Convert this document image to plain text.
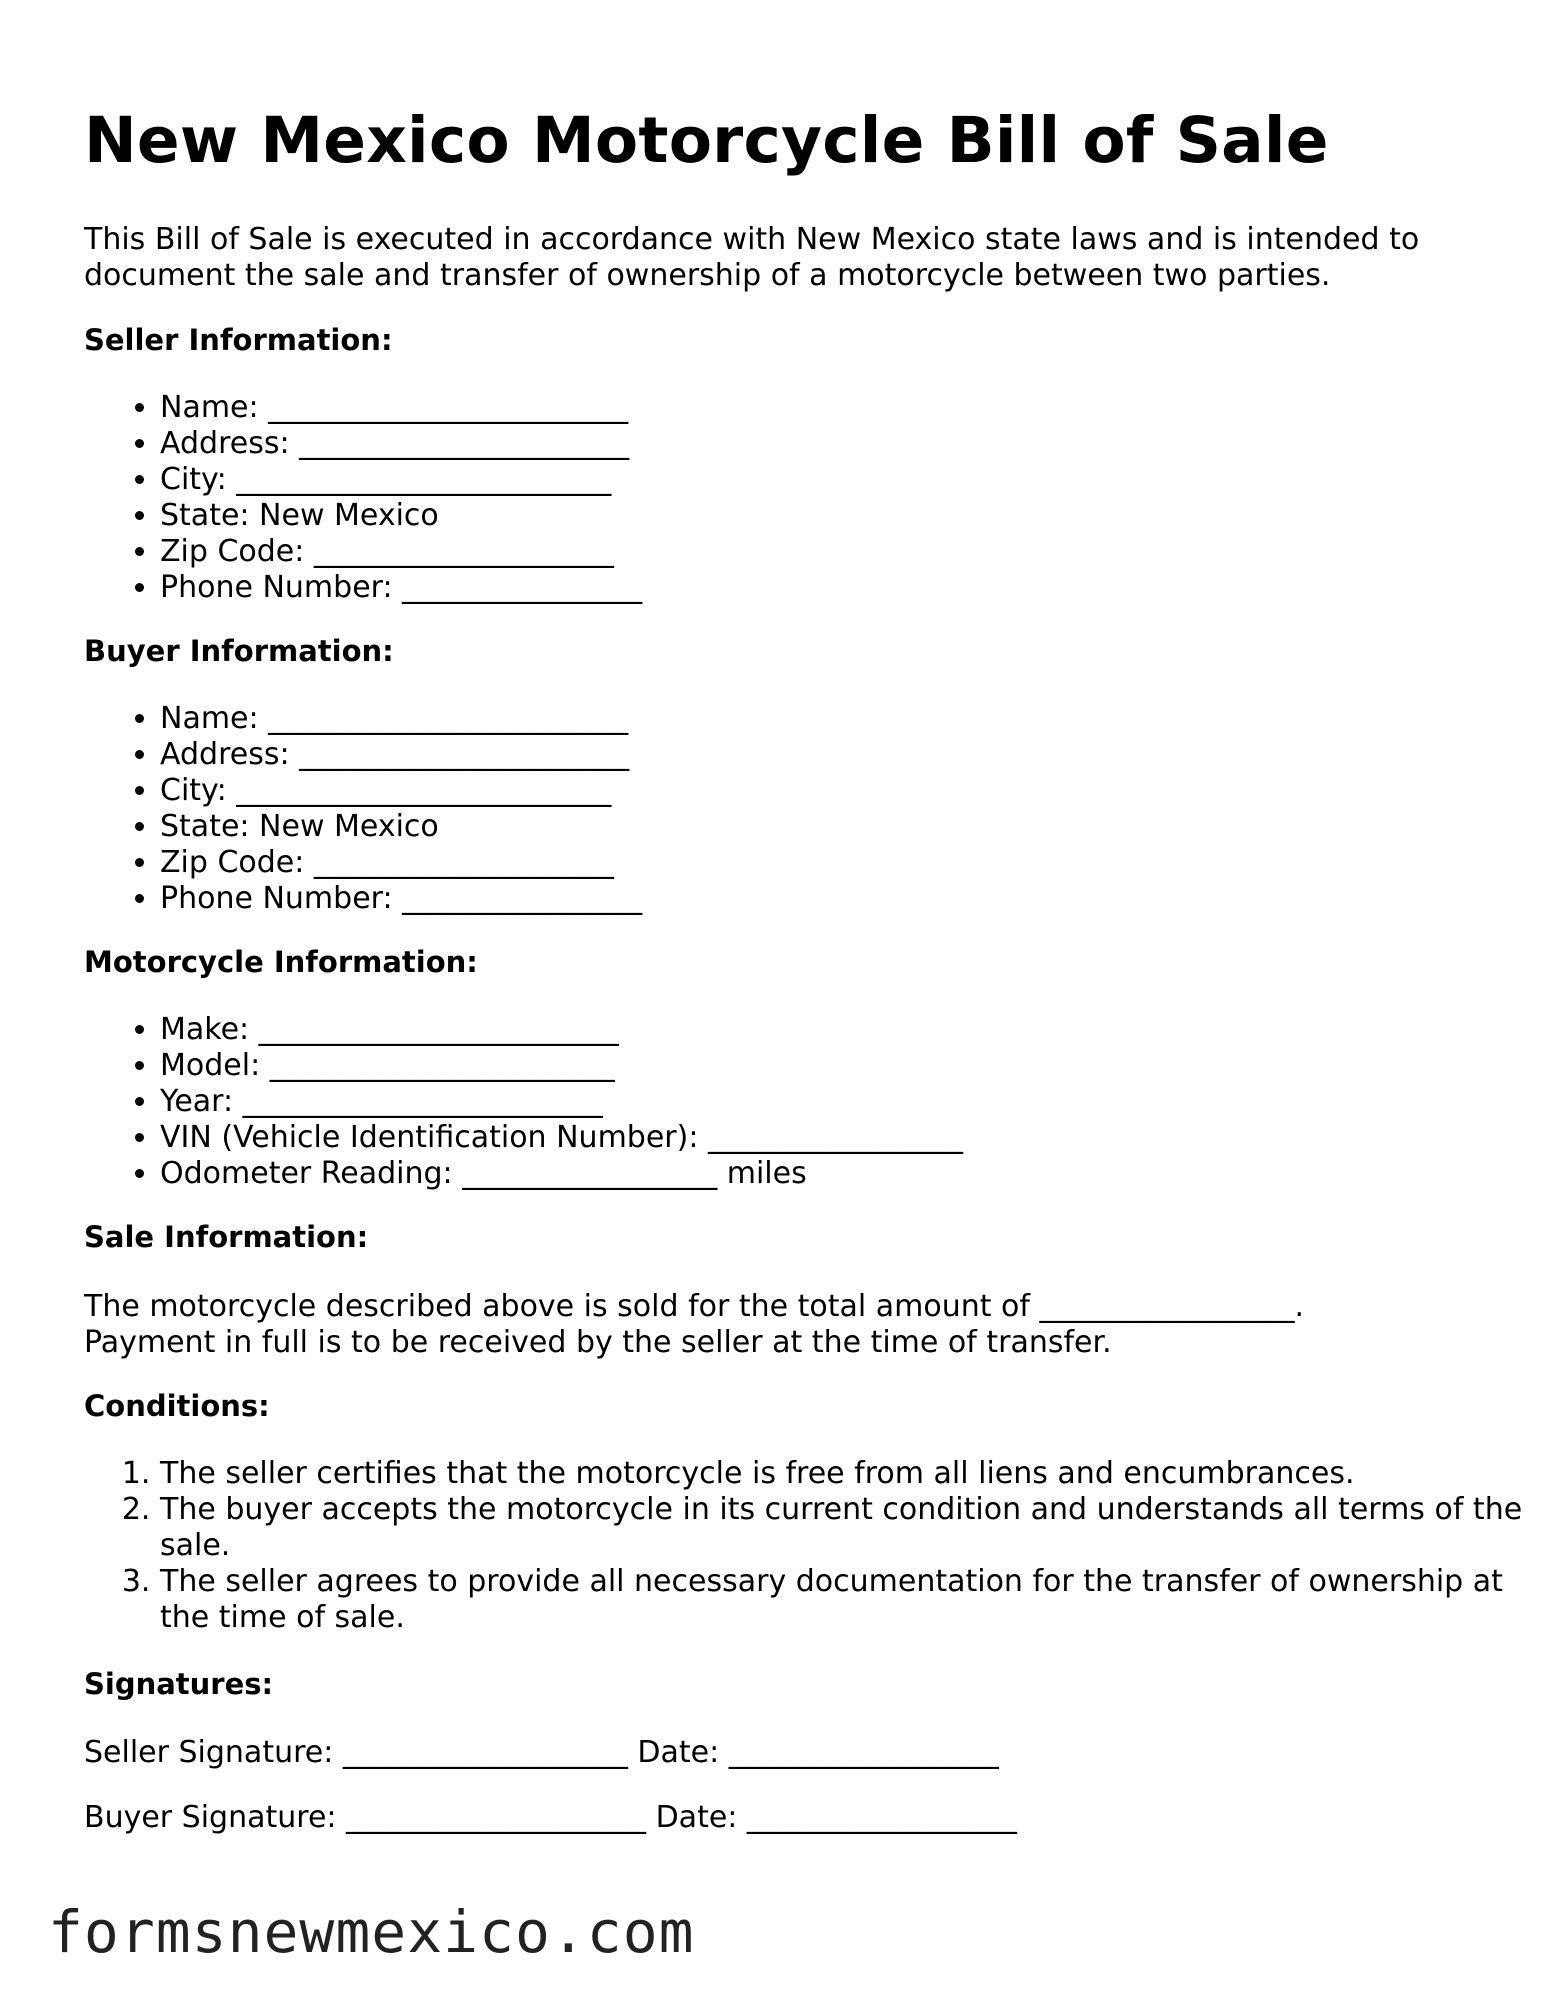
New Mexico Motorcycle Bill of Sale

This Bill of Sale is executed in accordance with New Mexico state laws and is intended to document the sale and transfer of ownership of a motorcycle between two parties.

Seller Information:
• Name: ________________________
• Address: ______________________
• City: _________________________
• State: New Mexico
• Zip Code: ____________________
• Phone Number: ________________
Buyer Information:
• Name: ________________________
• Address: ______________________
• City: _________________________
• State: New Mexico
• Zip Code: ____________________
• Phone Number: ________________
Motorcycle Information:
• Make: ________________________
• Model: _______________________
• Year: ________________________
• VIN (Vehicle Identification Number): _________________
• Odometer Reading: _________________ miles
Sale Information:

The motorcycle described above is sold for the total amount of _________________. Payment in full is to be received by the seller at the time of transfer.

Conditions:
1. The seller certifies that the motorcycle is free from all liens and encumbrances.
2. The buyer accepts the motorcycle in its current condition and understands all terms of the sale.
3. The seller agrees to provide all necessary documentation for the transfer of ownership at the time of sale.
Signatures:

Seller Signature: ___________________ Date: __________________

Buyer Signature: ____________________ Date: __________________

formsnewmexico.com
